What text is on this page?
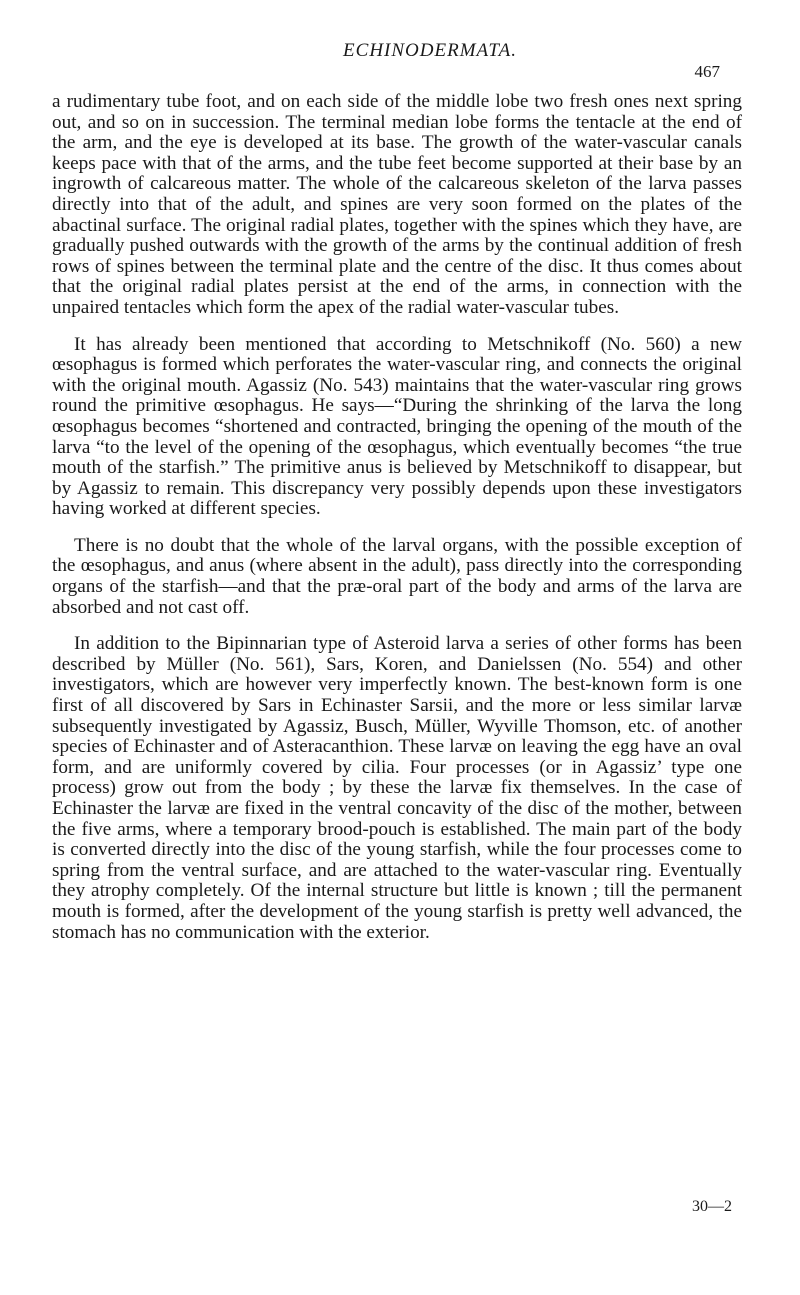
ECHINODERMATA.
467

a rudimentary tube foot, and on each side of the middle lobe two fresh ones next spring out, and so on in succession. The terminal median lobe forms the tentacle at the end of the arm, and the eye is developed at its base. The growth of the water-vascular canals keeps pace with that of the arms, and the tube feet become supported at their base by an ingrowth of calcareous matter. The whole of the calcareous skeleton of the larva passes directly into that of the adult, and spines are very soon formed on the plates of the abactinal surface. The original radial plates, together with the spines which they have, are gradually pushed outwards with the growth of the arms by the continual addition of fresh rows of spines between the terminal plate and the centre of the disc. It thus comes about that the original radial plates persist at the end of the arms, in connection with the unpaired tentacles which form the apex of the radial water-vascular tubes.

It has already been mentioned that according to Metschnikoff (No. 560) a new œsophagus is formed which perforates the water-vascular ring, and connects the original with the original mouth. Agassiz (No. 543) maintains that the water-vascular ring grows round the primitive œsophagus. He says—“During the shrinking of the larva the long œsophagus becomes “shortened and contracted, bringing the opening of the mouth of the larva “to the level of the opening of the œsophagus, which eventually becomes “the true mouth of the starfish.” The primitive anus is believed by Metschnikoff to disappear, but by Agassiz to remain. This discrepancy very possibly depends upon these investigators having worked at different species.

There is no doubt that the whole of the larval organs, with the possible exception of the œsophagus, and anus (where absent in the adult), pass directly into the corresponding organs of the starfish—and that the præ-oral part of the body and arms of the larva are absorbed and not cast off.

In addition to the Bipinnarian type of Asteroid larva a series of other forms has been described by Müller (No. 561), Sars, Koren, and Danielssen (No. 554) and other investigators, which are however very imperfectly known. The best-known form is one first of all discovered by Sars in Echinaster Sarsii, and the more or less similar larvæ subsequently investigated by Agassiz, Busch, Müller, Wyville Thomson, etc. of another species of Echinaster and of Asteracanthion. These larvæ on leaving the egg have an oval form, and are uniformly covered by cilia. Four processes (or in Agassiz’ type one process) grow out from the body ; by these the larvæ fix themselves. In the case of Echinaster the larvæ are fixed in the ventral concavity of the disc of the mother, between the five arms, where a temporary brood-pouch is established. The main part of the body is converted directly into the disc of the young starfish, while the four processes come to spring from the ventral surface, and are attached to the water-vascular ring. Eventually they atrophy completely. Of the internal structure but little is known ; till the permanent mouth is formed, after the development of the young starfish is pretty well advanced, the stomach has no communication with the exterior.

30—2
